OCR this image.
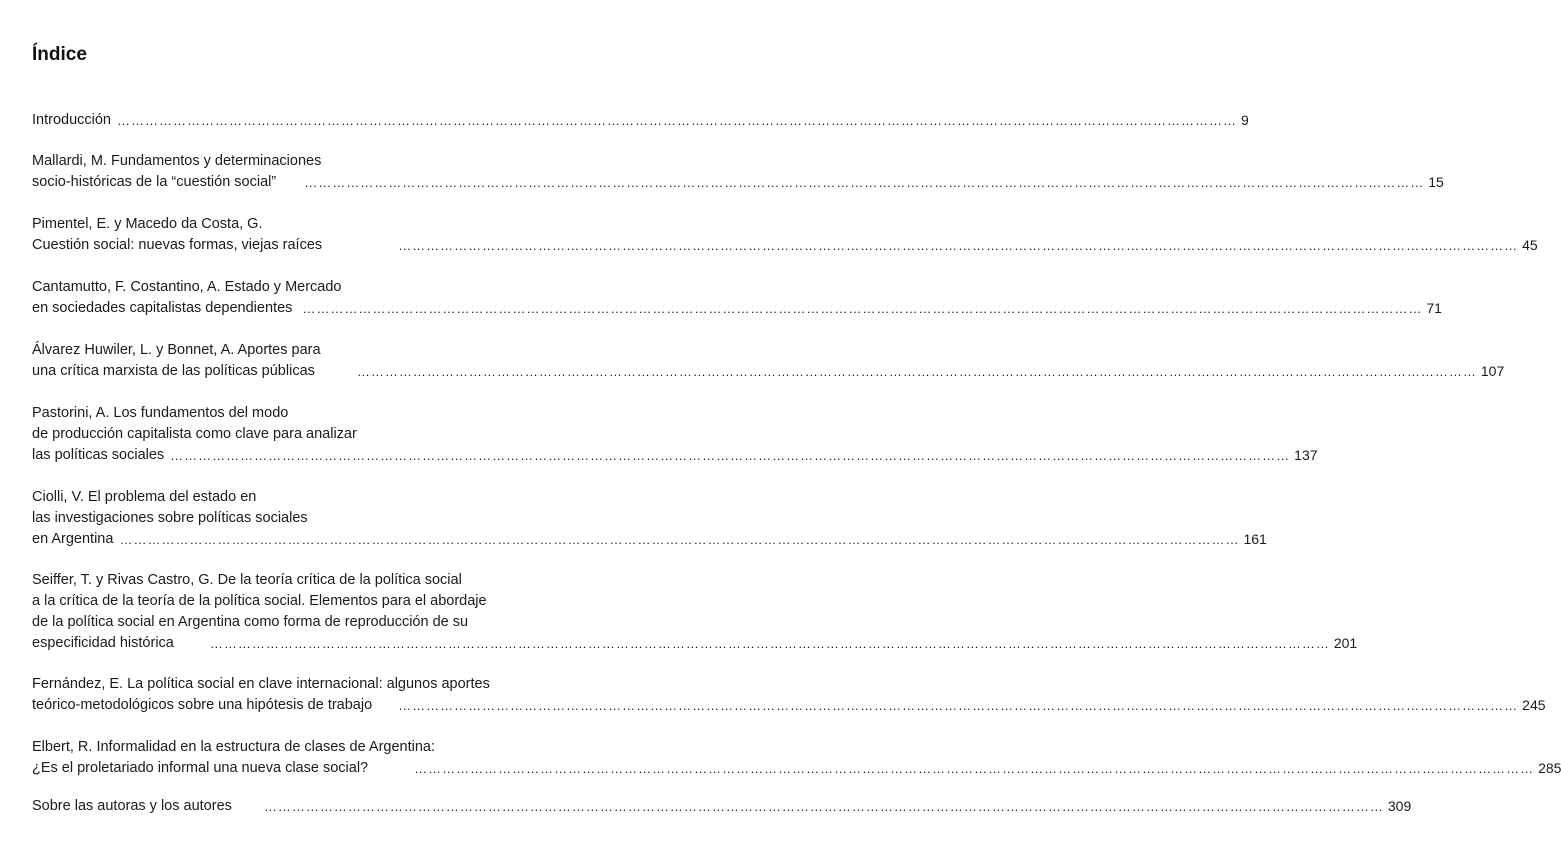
Índice
Introducción …………………………………………………………………………………………………………………………………………………………………………………………………………………… 9
Mallardi, M. Fundamentos y determinaciones
socio-históricas de la “cuestión social” …………………………………………………………………………………………………………………………………………………………………………………………………………………… 15
Pimentel, E. y Macedo da Costa, G.
Cuestión social: nuevas formas, viejas raíces	…………………………………………………………………………………………………………………………………………………………………………………………………………………… 45
Cantamutto, F. Costantino, A. Estado y Mercado
en sociedades capitalistas dependientes …………………………………………………………………………………………………………………………………………………………………………………………………………………… 71
Álvarez Huwiler, L. y Bonnet, A. Aportes para
una crítica marxista de las políticas públicas	…………………………………………………………………………………………………………………………………………………………………………………………………………………… 107
Pastorini, A. Los fundamentos del modo
de producción capitalista como clave para analizar
las políticas sociales …………………………………………………………………………………………………………………………………………………………………………………………………………………… 137
Ciolli, V. El problema del estado en
las investigaciones sobre políticas sociales
en Argentina …………………………………………………………………………………………………………………………………………………………………………………………………………………… 161
Seiffer, T. y Rivas Castro, G. De la teoría crítica de la política social
a la crítica de la teoría de la política social. Elementos para el abordaje
de la política social en Argentina como forma de reproducción de su
especificidad histórica	…………………………………………………………………………………………………………………………………………………………………………………………………………………… 201
Fernández, E. La política social en clave internacional: algunos aportes
teórico-metodológicos sobre una hipótesis de trabajo …………………………………………………………………………………………………………………………………………………………………………………………………………………… 245
Elbert, R. Informalidad en la estructura de clases de Argentina:
¿Es el proletariado informal una nueva clase social?	…………………………………………………………………………………………………………………………………………………………………………………………………………………… 285
Sobre las autoras y los autores …………………………………………………………………………………………………………………………………………………………………………………………………………………… 309
